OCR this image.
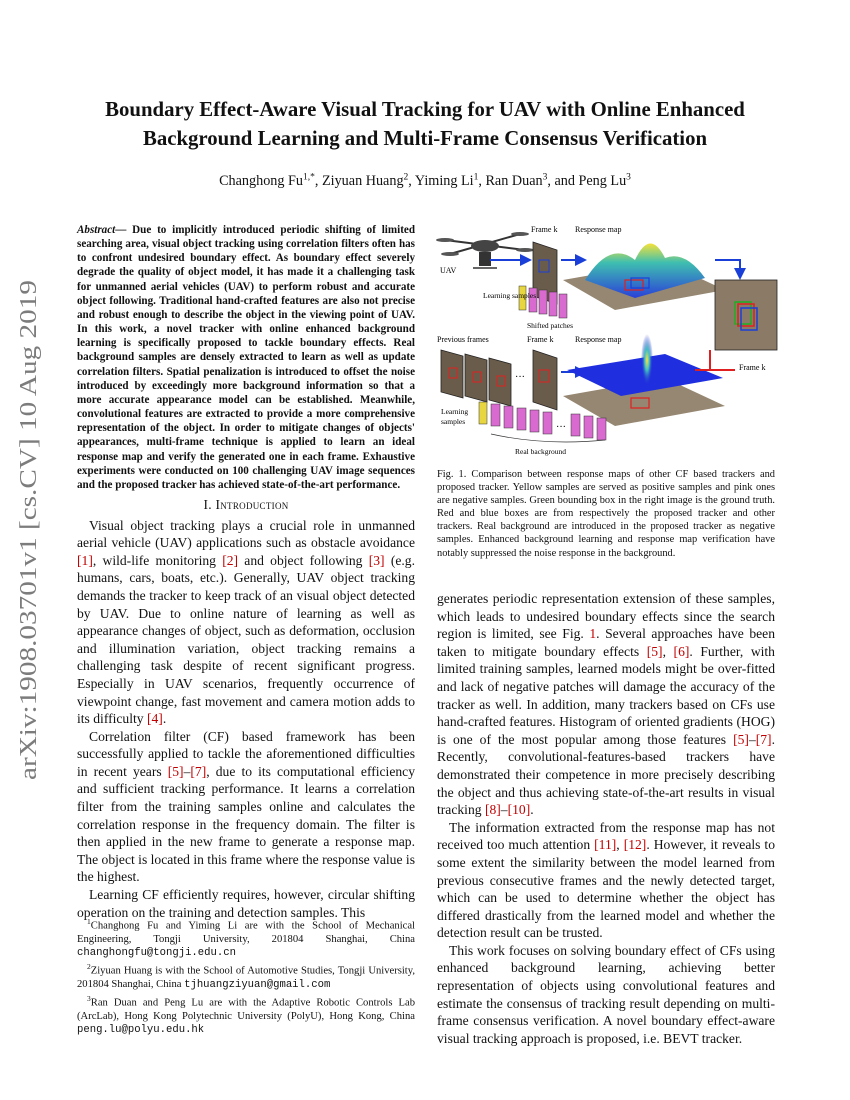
arXiv:1908.03701v1 [cs.CV] 10 Aug 2019
Boundary Effect-Aware Visual Tracking for UAV with Online Enhanced
Background Learning and Multi-Frame Consensus Verification
Changhong $Fu^{1,*}$, Ziyuan Huang$^2$, Yiming Li$^1$, Ran Duan$^3$, and Peng Lu$^3$

Abstract— Due to implicitly introduced periodic shifting of limited searching area, visual object tracking using correlation filters often has to confront undesired boundary effect. As boundary effect severely degrade the quality of object model, it has made it a challenging task for unmanned aerial vehicles (UAV) to perform robust and accurate object following. Traditional hand-crafted features are also not precise and robust enough to describe the object in the viewing point of UAV. In this work, a novel tracker with online enhanced background learning is specifically proposed to tackle boundary effects. Real background samples are densely extracted to learn as well as update correlation filters. Spatial penalization is introduced to offset the noise introduced by exceedingly more background information so that a more accurate appearance model can be established. Meanwhile, convolutional features are extracted to provide a more comprehensive representation of the object. In order to mitigate changes of objects' appearances, multi-frame technique is applied to learn an ideal response map and verify the generated one in each frame. Exhaustive experiments were conducted on 100 challenging UAV image sequences and the proposed tracker has achieved state-of-the-art performance.

I. Introduction

Visual object tracking plays a crucial role in unmanned aerial vehicle (UAV) applications such as obstacle avoidance [1], wild-life monitoring [2] and object following [3] (e.g. humans, cars, boats, etc.). Generally, UAV object tracking demands the tracker to keep track of an visual object detected by UAV. Due to online nature of learning as well as appearance changes of object, such as deformation, occlusion and illumination variation, object tracking remains a challenging task despite of recent significant progress. Especially in UAV scenarios, frequently occurrence of viewpoint change, fast movement and camera motion adds to its difficulty [4].

Correlation filter (CF) based framework has been successfully applied to tackle the aforementioned difficulties in recent years [5]–[7], due to its computational efficiency and sufficient tracking performance. It learns a correlation filter from the training samples online and calculates the correlation response in the frequency domain. The filter is then applied in the new frame to generate a response map. The object is located in this frame where the response value is the highest.

Learning CF efficiently requires, however, circular shifting operation on the training and detection samples. This

$^1$Changhong Fu and Yiming Li are with the School of Mechanical Engineering, Tongji University, 201804 Shanghai, China changhongfu@tongji.edu.cn

$^2$Ziyuan Huang is with the School of Automotive Studies, Tongji University, 201804 Shanghai, China tjhuangziyuan@gmail.com

$^3$Ran Duan and Peng Lu are with the Adaptive Robotic Controls Lab (ArcLab), Hong Kong Polytechnic University (PolyU), Hong Kong, China peng.lu@polyu.edu.hk

UAV
Frame k Response map
Learning samples
Shifted patches
Frame k
Previous frames	Frame k	Response map
···
Learning
samples
···
Real background

Fig. 1. Comparison between response maps of other CF based trackers and proposed tracker. Yellow samples are served as positive samples and pink ones are negative samples. Green bounding box in the right image is the ground truth. Red and blue boxes are from respectively the proposed tracker and other trackers. Real background are introduced in the proposed tracker as negative samples. Enhanced background learning and response map verification have notably suppressed the noise response in the background.

generates periodic representation extension of these samples, which leads to undesired boundary effects since the search region is limited, see Fig. 1. Several approaches have been taken to mitigate boundary effects [5], [6]. Further, with limited training samples, learned models might be over-fitted and lack of negative patches will damage the accuracy of the tracker as well. In addition, many trackers based on CFs use hand-crafted features. Histogram of oriented gradients (HOG) is one of the most popular among those features [5]–[7]. Recently, convolutional-features-based trackers have demonstrated their competence in more precisely describing the object and thus achieving state-of-the-art results in visual tracking [8]–[10].

The information extracted from the response map has not received too much attention [11], [12]. However, it reveals to some extent the similarity between the model learned from previous consecutive frames and the newly detected target, which can be used to determine whether the object has differed drastically from the learned model and whether the detection result can be trusted.

This work focuses on solving boundary effect of CFs using enhanced background learning, achieving better representation of objects using convolutional features and estimate the consensus of tracking result depending on multi-frame consensus verification. A novel boundary effect-aware visual tracking approach is proposed, i.e. BEVT tracker.
